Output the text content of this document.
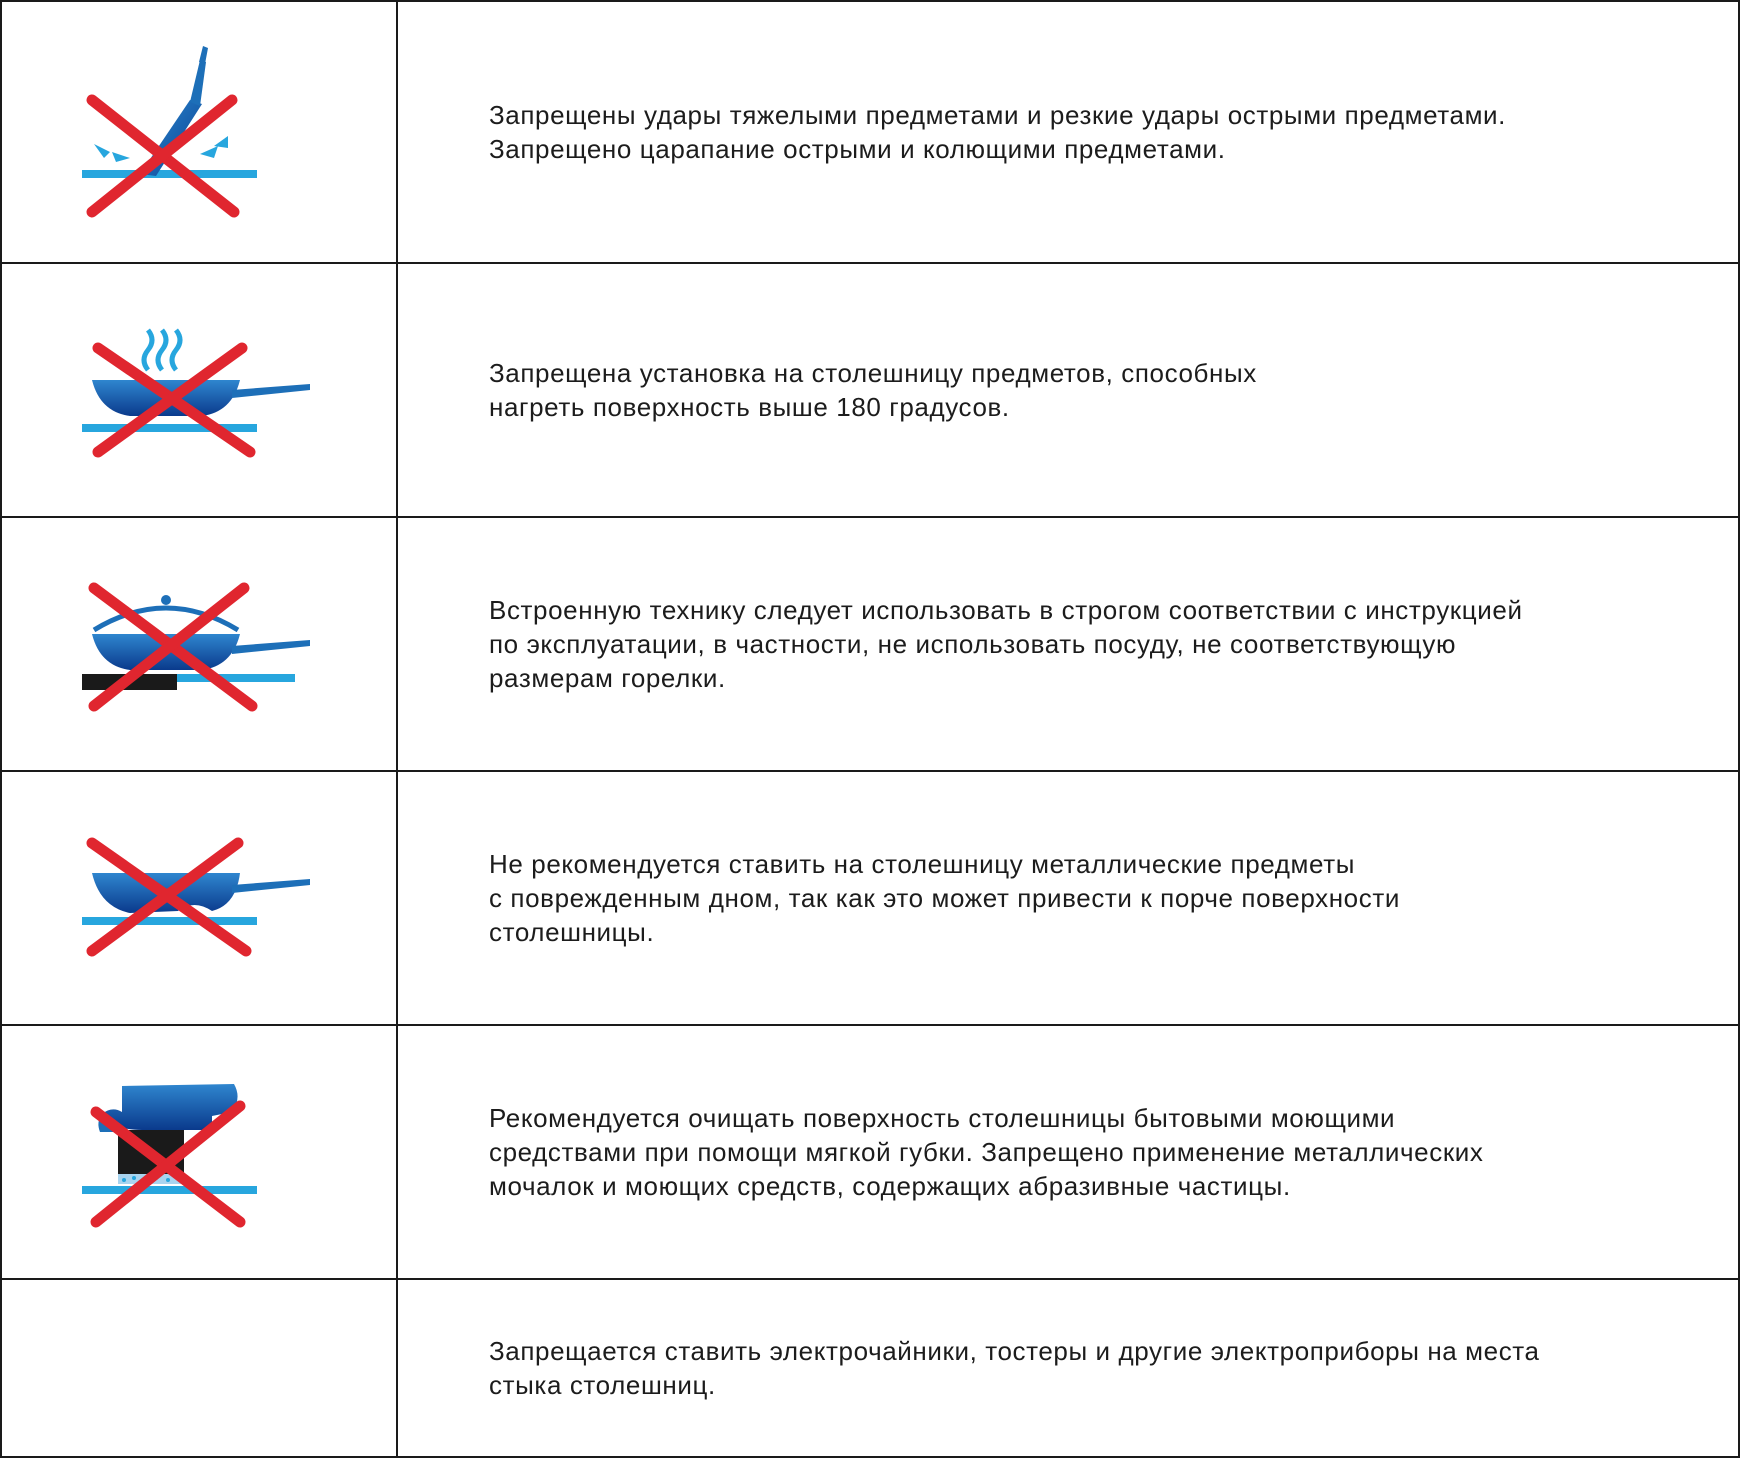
Запрещены удары тяжелыми предметами и резкие удары острыми предметами.
Запрещено царапание острыми и колющими предметами.

Запрещена установка на столешницу предметов, способных
нагреть поверхность выше 180 градусов.

Встроенную технику следует использовать в строгом соответствии с инструкцией
по эксплуатации, в частности, не использовать посуду, не соответствующую
размерам горелки.

Не рекомендуется ставить на столешницу металлические предметы
с поврежденным дном, так как это может привести к порче поверхности
столешницы.

Рекомендуется очищать поверхность столешницы бытовыми моющими
средствами при помощи мягкой губки. Запрещено применение металлических
мочалок и моющих средств, содержащих абразивные частицы.

	Запрещается ставить электрочайники, тостеры и другие электроприборы на места
стыка столешниц.
